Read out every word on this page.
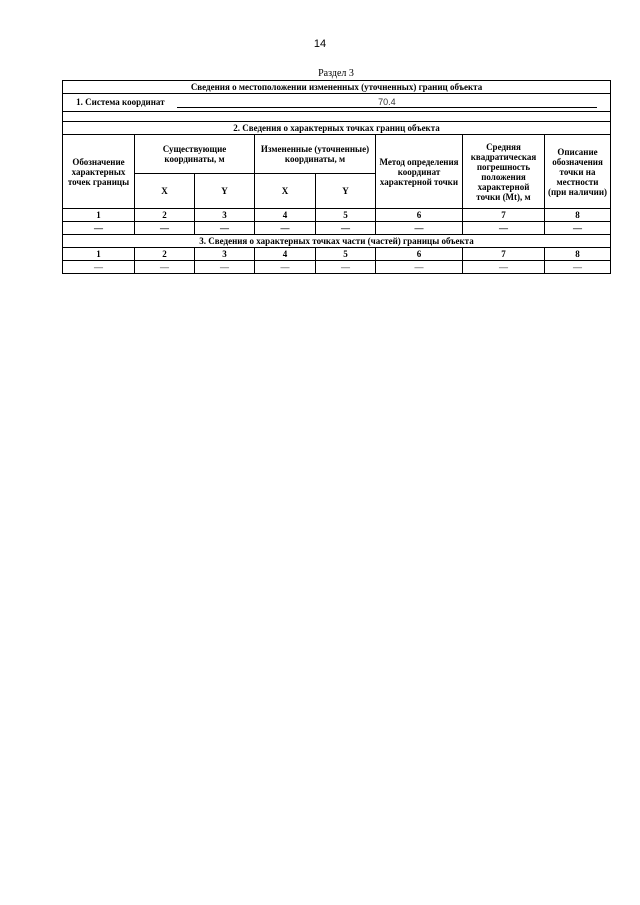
14
Раздел 3
Сведения о местоположении измененных (уточненных) границ объекта							
1. Система координат 70.4							

2. Сведения о характерных точках границ объекта							
Обозначение характерных точек границы	Существующие координаты, м		Измененные (уточненные) координаты, м		Метод определения координат характерной точки	Средняя квадратическая погрешность положения характерной точки (Mt), м	Описание обозначения точки на местности (при наличии)
	X	Y	X	Y			
1	2	3	4	5	6	7	8
—	—	—	—	—	—	—	—
3. Сведения о характерных точках части (частей) границы объекта							
1	2	3	4	5	6	7	8
—	—	—	—	—	—	—	—
